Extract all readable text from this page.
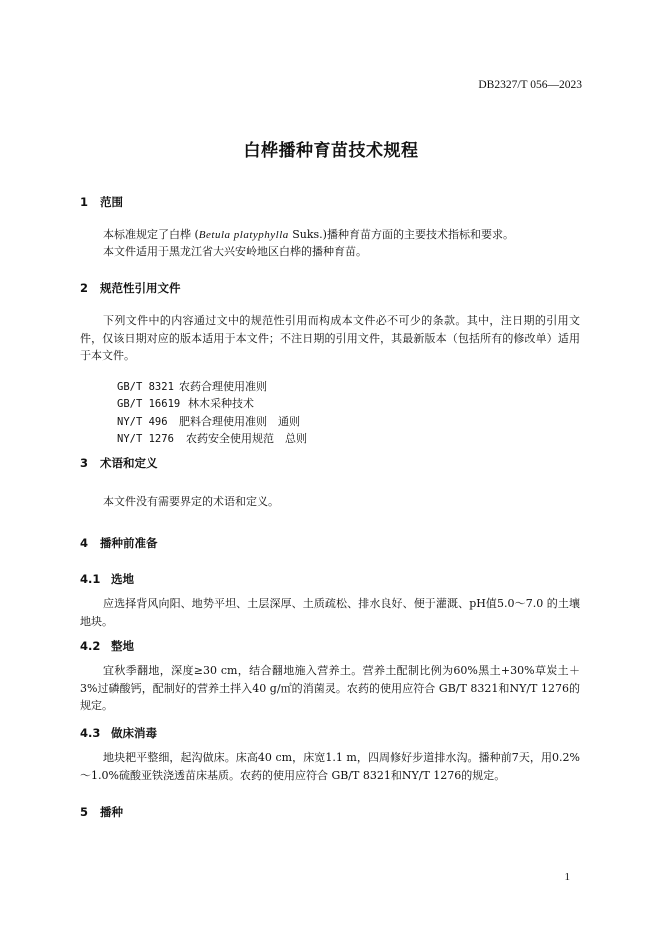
DB2327/T 056—2023
白桦播种育苗技术规程
1 范围
本标准规定了白桦 (Betula platyphylla Suks.)播种育苗方面的主要技术指标和要求。
本文件适用于黑龙江省大兴安岭地区白桦的播种育苗。
2 规范性引用文件
下列文件中的内容通过文中的规范性引用而构成本文件必不可少的条款。其中，注日期的引用文件，仅该日期对应的版本适用于本文件；不注日期的引用文件，其最新版本（包括所有的修改单）适用于本文件。

GB/T 8321 农药合理使用准则

GB/T 16619 林木采种技术

NY/T 496 肥料合理使用准则　通则

NY/T 1276 农药安全使用规范　总则

3 术语和定义
本文件没有需要界定的术语和定义。
4 播种前准备
4.1 选地
应选择背风向阳、地势平坦、土层深厚、土质疏松、排水良好、便于灌溉、pH值5.0～7.0 的土壤地块。
4.2 整地
宜秋季翻地，深度≥30 cm，结合翻地施入营养土。营养土配制比例为60%黑土+30%草炭土＋3%过磷酸钙，配制好的营养土拌入40 g/㎡的消菌灵。农药的使用应符合 GB/T 8321和NY/T 1276的规定。
4.3 做床消毒
地块耙平整细，起沟做床。床高40 cm，床宽1.1 m，四周修好步道排水沟。播种前7天，用0.2%～1.0%硫酸亚铁浇透苗床基质。农药的使用应符合 GB/T 8321和NY/T 1276的规定。
5 播种
1
